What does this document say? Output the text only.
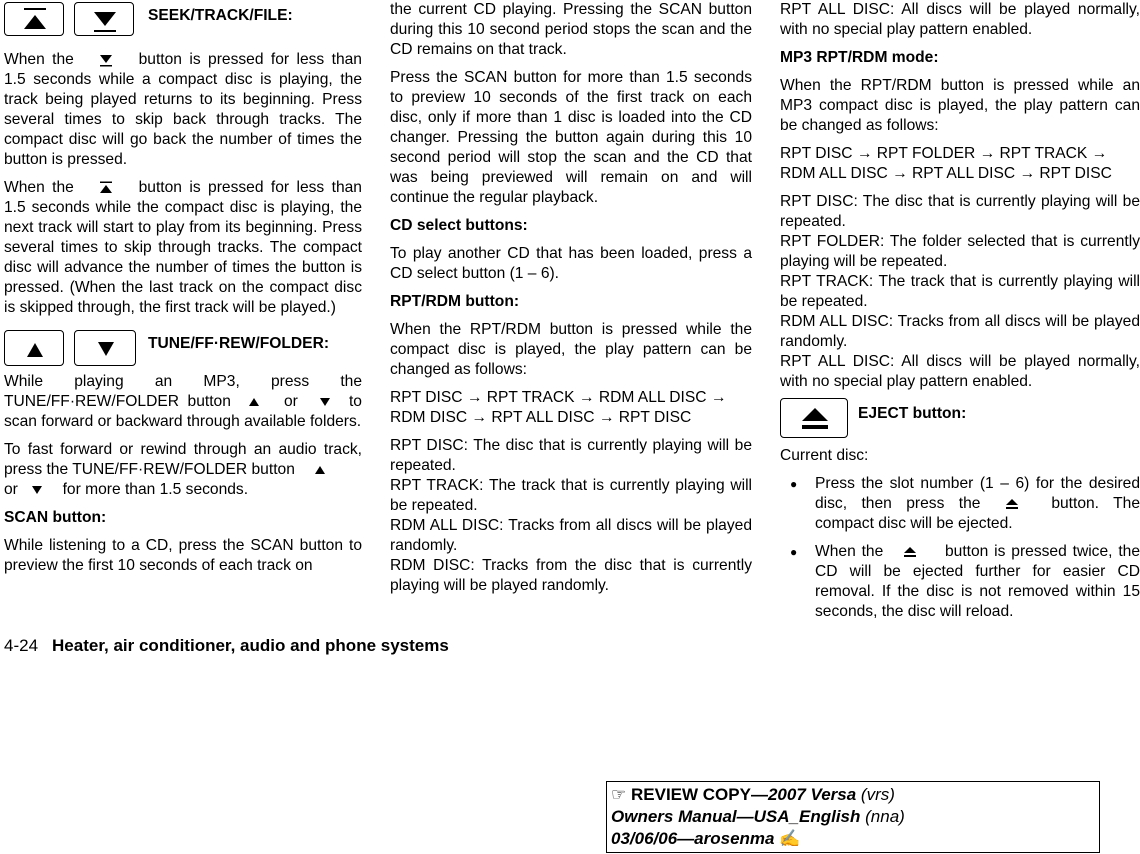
SEEK/TRACK/FILE:

When the	button is pressed for less than 1.5 seconds while a compact disc is playing, the track being played returns to its beginning. Press several times to skip back through tracks. The compact disc will go back the number of times the button is pressed.

When the	button is pressed for less than 1.5 seconds while the compact disc is playing, the next track will start to play from its beginning. Press several times to skip through tracks. The compact disc will advance the number of times the button is pressed. (When the last track on the compact disc is skipped through, the first track will be played.)

TUNE/FF·REW/FOLDER:

While playing an MP3, press the TUNE/FF·REW/FOLDER button	or	to scan forward or backward through available folders.

To fast forward or rewind through an audio track, press the TUNE/FF·REW/FOLDER button

or	for more than 1.5 seconds.

SCAN button:

While listening to a CD, press the SCAN button to preview the first 10 seconds of each track on

the current CD playing. Pressing the SCAN button during this 10 second period stops the scan and the CD remains on that track.

Press the SCAN button for more than 1.5 seconds to preview 10 seconds of the first track on each disc, only if more than 1 disc is loaded into the CD changer. Pressing the button again during this 10 second period will stop the scan and the CD that was being previewed will remain on and will continue the regular playback.

CD select buttons:

To play another CD that has been loaded, press a CD select button (1 – 6).

RPT/RDM button:

When the RPT/RDM button is pressed while the compact disc is played, the play pattern can be changed as follows:

RPT DISC → RPT TRACK → RDM ALL DISC → RDM DISC → RPT ALL DISC → RPT DISC

RPT DISC: The disc that is currently playing will be repeated.

RPT TRACK: The track that is currently playing will be repeated.

RDM ALL DISC: Tracks from all discs will be played randomly.

RDM DISC: Tracks from the disc that is currently playing will be played randomly.

RPT ALL DISC: All discs will be played normally, with no special play pattern enabled.

MP3 RPT/RDM mode:

When the RPT/RDM button is pressed while an MP3 compact disc is played, the play pattern can be changed as follows:

RPT DISC → RPT FOLDER → RPT TRACK → RDM ALL DISC → RPT ALL DISC → RPT DISC

RPT DISC: The disc that is currently playing will be repeated.

RPT FOLDER: The folder selected that is currently playing will be repeated.

RPT TRACK: The track that is currently playing will be repeated.

RDM ALL DISC: Tracks from all discs will be played randomly.

RPT ALL DISC: All discs will be played normally, with no special play pattern enabled.

EJECT button:

Current disc:

● Press the slot number (1 – 6) for the desired disc, then press the	button. The compact disc will be ejected.
● When the	button is pressed twice, the CD will be ejected further for easier CD removal. If the disc is not removed within 15 seconds, the disc will reload.
4-24 Heater, air conditioner, audio and phone systems
☞ REVIEW COPY—2007 Versa (vrs)
Owners Manual—USA_English (nna)
03/06/06—arosenma ✍
